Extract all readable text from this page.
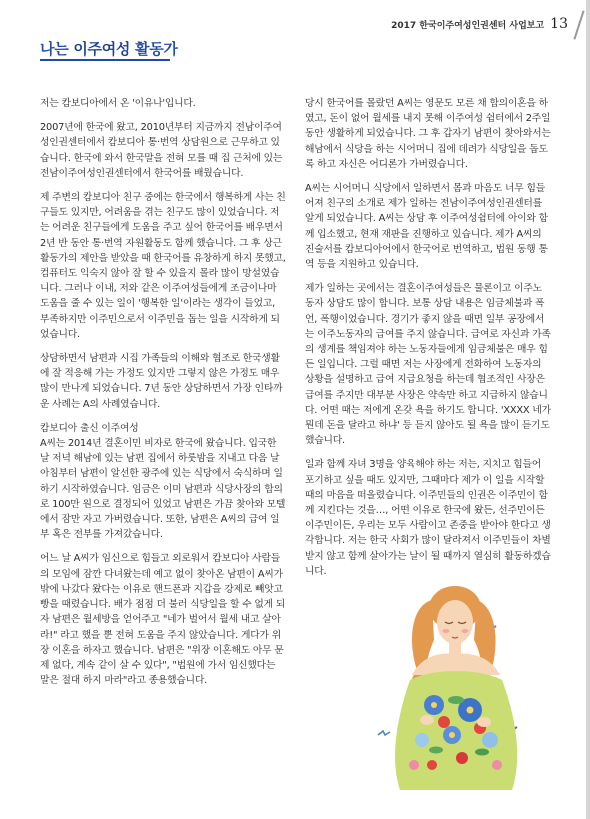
2017 한국이주여성인권센터 사업보고 13
나는 이주여성 활동가

저는 캄보디아에서 온 '이유나'입니다.

2007년에 한국에 왔고, 2010년부터 지금까지 전남이주여성인권센터에서 캄보디아 통·번역 상담원으로 근무하고 있습니다. 한국에 와서 한국말을 전혀 모를 때 집 근처에 있는 전남이주여성인권센터에서 한국어를 배웠습니다.

제 주변의 캄보디아 친구 중에는 한국에서 행복하게 사는 친구들도 있지만, 어려움을 겪는 친구도 많이 있었습니다. 저는 어려운 친구들에게 도움을 주고 싶어 한국어를 배우면서 2년 반 동안 통·번역 자원활동도 함께 했습니다. 그 후 상근활동가의 제안을 받았을 때 한국어를 유창하게 하지 못했고, 컴퓨터도 익숙지 않아 잘 할 수 있을지 몰라 많이 망설였습니다. 그러나 이내, 저와 같은 이주여성들에게 조금이나마 도움을 줄 수 있는 일이 '행복한 일'이라는 생각이 들었고, 부족하지만 이주민으로서 이주민을 돕는 일을 시작하게 되었습니다.

상담하면서 남편과 시집 가족들의 이해와 협조로 한국생활에 잘 적응해 가는 가정도 있지만 그렇지 않은 가정도 매우 많이 만나게 되었습니다. 7년 동안 상담하면서 가장 인타까운 사례는 A의 사례였습니다.

캄보디아 출신 이주여성
A씨는 2014년 결혼이민 비자로 한국에 왔습니다. 입국한 날 저녁 해남에 있는 남편 집에서 하룻밤을 지내고 다음 날 아침부터 남편이 알선한 광주에 있는 식당에서 숙식하며 일하기 시작하였습니다. 임금은 이미 남편과 식당사장의 합의로 100만 원으로 결정되어 있었고 남편은 가끔 찾아와 모텔에서 잠만 자고 가버렸습니다. 또한, 남편은 A씨의 급여 일부 혹은 전부를 가져갔습니다.

어느 날 A씨가 임신으로 힘들고 외로워서 캄보디아 사람들의 모임에 잠깐 다녀왔는데 예고 없이 찾아온 남편이 A씨가 밖에 나갔다 왔다는 이유로 핸드폰과 지갑을 강제로 빼앗고 빵을 때렸습니다. 배가 점점 더 불러 식당일을 할 수 없게 되자 남편은 월세방을 얻어주고 "네가 벌어서 월세 내고 살아라!" 라고 했을 뿐 전혀 도움을 주지 않았습니다. 게다가 위장 이혼을 하자고 했습니다. 남편은 "위장 이혼해도 아무 문제 없다, 계속 같이 살 수 있다", "법원에 가서 임신했다는 말은 절대 하지 마라"라고 종용했습니다.

당시 한국어를 몰랐던 A씨는 영문도 모른 채 합의이혼을 하였고, 돈이 없어 월세를 내지 못해 이주여성 쉼터에서 2주일 동안 생활하게 되었습니다. 그 후 갑자기 남편이 찾아와서는 해남에서 식당을 하는 시어머니 집에 데려가 식당일을 돕도록 하고 자신은 어디론가 가버렸습니다.

A씨는 시어머니 식당에서 일하면서 몸과 마음도 너무 힘들어져 친구의 소개로 제가 일하는 전남이주여성인권센터를 알게 되었습니다. A씨는 상담 후 이주여성쉼터에 아이와 함께 입소했고, 현재 재판을 진행하고 있습니다. 제가 A씨의 진술서를 캄보디아어에서 한국어로 번역하고, 법원 동행 통역 등을 지원하고 있습니다.

제가 일하는 곳에서는 결혼이주여성들은 물론이고 이주노동자 상담도 많이 합니다. 보통 상담 내용은 임금체불과 폭언, 폭행이었습니다. 경기가 좋지 않을 때면 일부 공장에서는 이주노동자의 급여를 주지 않습니다. 급여로 자신과 가족의 생계를 책임져야 하는 노동자들에게 임금체불은 매우 힘든 일입니다. 그럴 때면 저는 사장에게 전화하여 노동자의 상황을 설명하고 급여 지급요청을 하는데 협조적인 사장은 급여를 주지만 대부분 사장은 약속만 하고 지급하지 않습니다. 어떤 때는 저에게 온갖 욕을 하기도 합니다. 'XXXX 네가 뭔데 돈을 달라고 하냐' 등 듣지 않아도 될 욕을 많이 듣기도 했습니다.

일과 함께 자녀 3명을 양육해야 하는 저는, 지치고 힘들어 포기하고 싶을 때도 있지만, 그때마다 제가 이 일을 시작할 때의 마음을 떠올렸습니다. 이주민들의 인권은 이주민이 함께 지킨다는 것을…, 어떤 이유로 한국에 왔든, 선주민이든 이주민이든, 우리는 모두 사람이고 존중을 받아야 한다고 생각합니다. 저는 한국 사회가 많이 달라져서 이주민들이 차별받지 않고 함께 살아가는 날이 될 때까지 열심히 활동하겠습니다.
